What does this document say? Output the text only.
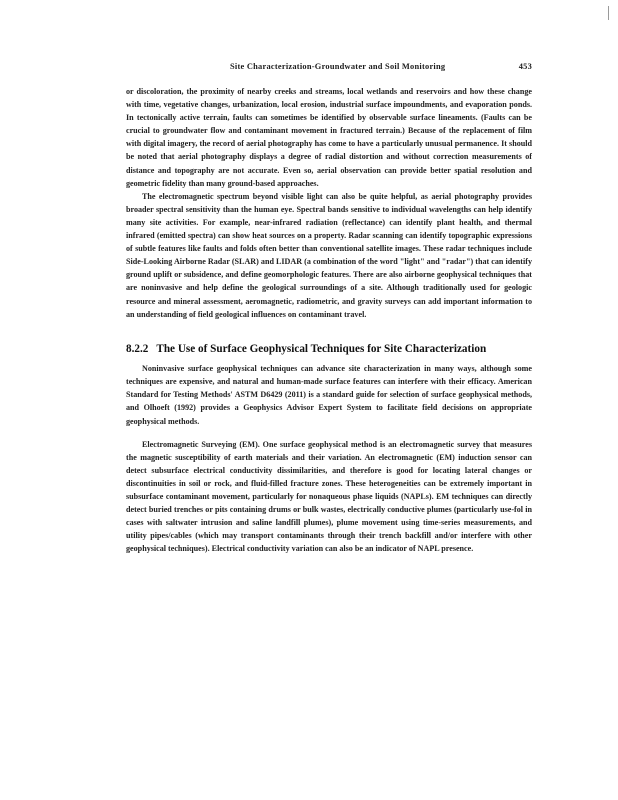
Site Characterization-Groundwater and Soil Monitoring	453

or discoloration, the proximity of nearby creeks and streams, local wetlands and reservoirs and how these change with time, vegetative changes, urbanization, local erosion, industrial surface impoundments, and evaporation ponds. In tectonically active terrain, faults can sometimes be identified by observable surface lineaments. (Faults can be crucial to groundwater flow and contaminant movement in fractured terrain.) Because of the replacement of film with digital imagery, the record of aerial photography has come to have a particularly unusual permanence. It should be noted that aerial photography displays a degree of radial distortion and without correction measurements of distance and topography are not accurate. Even so, aerial observation can provide better spatial resolution and geometric fidelity than many ground-based approaches.

The electromagnetic spectrum beyond visible light can also be quite helpful, as aerial photography provides broader spectral sensitivity than the human eye. Spectral bands sensitive to individual wavelengths can help identify many site activities. For example, near-infrared radiation (reflectance) can identify plant health, and thermal infrared (emitted spectra) can show heat sources on a property. Radar scanning can identify topographic expressions of subtle features like faults and folds often better than conventional satellite images. These radar techniques include Side-Looking Airborne Radar (SLAR) and LIDAR (a combination of the word "light" and "radar") that can identify ground uplift or subsidence, and define geomorphologic features. There are also airborne geophysical techniques that are noninvasive and help define the geological surroundings of a site. Although traditionally used for geologic resource and mineral assessment, aeromagnetic, radiometric, and gravity surveys can add important information to an understanding of field geological influences on contaminant travel.

8.2.2 The Use of Surface Geophysical Techniques for Site Characterization

Noninvasive surface geophysical techniques can advance site characterization in many ways, although some techniques are expensive, and natural and human-made surface features can interfere with their efficacy. American Standard for Testing Methods' ASTM D6429 (2011) is a standard guide for selection of surface geophysical methods, and Olhoeft (1992) provides a Geophysics Advisor Expert System to facilitate field decisions on appropriate geophysical methods.

Electromagnetic Surveying (EM). One surface geophysical method is an electromagnetic survey that measures the magnetic susceptibility of earth materials and their variation. An electromagnetic (EM) induction sensor can detect subsurface electrical conductivity dissimilarities, and therefore is good for locating lateral changes or discontinuities in soil or rock, and fluid-filled fracture zones. These heterogeneities can be extremely important in subsurface contaminant movement, particularly for nonaqueous phase liquids (NAPLs). EM techniques can directly detect buried trenches or pits containing drums or bulk wastes, electrically conductive plumes (particularly use-fol in cases with saltwater intrusion and saline landfill plumes), plume movement using time-series measurements, and utility pipes/cables (which may transport contaminants through their trench backfill and/or interfere with other geophysical techniques). Electrical conductivity variation can also be an indicator of NAPL presence.
